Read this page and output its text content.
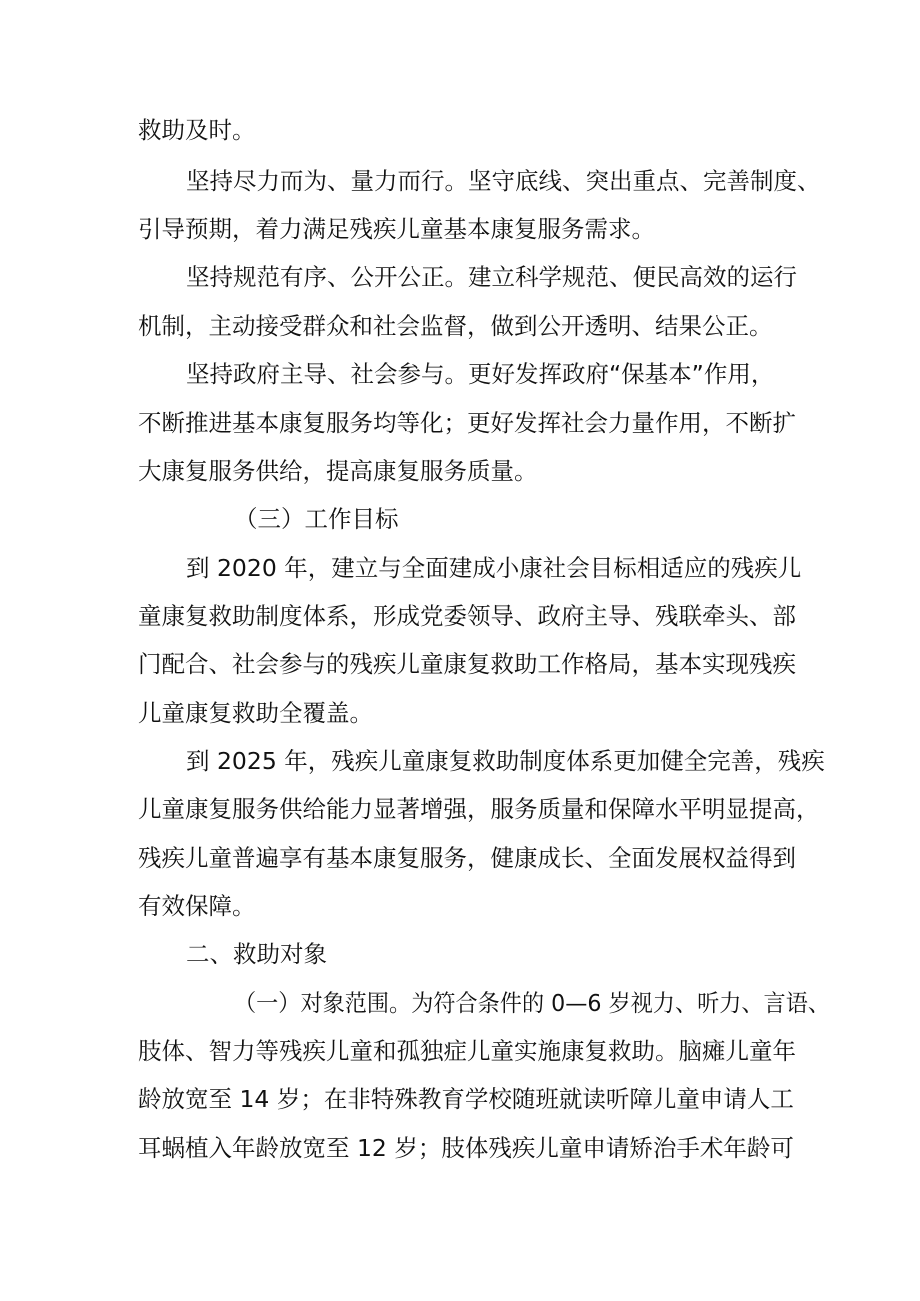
救助及时。
坚持尽力而为、量力而行。坚守底线、突出重点、完善制度、
引导预期，着力满足残疾儿童基本康复服务需求。
坚持规范有序、公开公正。建立科学规范、便民高效的运行
机制，主动接受群众和社会监督，做到公开透明、结果公正。
坚持政府主导、社会参与。更好发挥政府“保基本”作用，
不断推进基本康复服务均等化；更好发挥社会力量作用，不断扩
大康复服务供给，提高康复服务质量。
（三）工作目标
到 2020 年，建立与全面建成小康社会目标相适应的残疾儿
童康复救助制度体系，形成党委领导、政府主导、残联牵头、部
门配合、社会参与的残疾儿童康复救助工作格局，基本实现残疾
儿童康复救助全覆盖。
到 2025 年，残疾儿童康复救助制度体系更加健全完善，残疾
儿童康复服务供给能力显著增强，服务质量和保障水平明显提高，
残疾儿童普遍享有基本康复服务，健康成长、全面发展权益得到
有效保障。
二、救助对象
（一）对象范围。为符合条件的 0—6 岁视力、听力、言语、
肢体、智力等残疾儿童和孤独症儿童实施康复救助。脑瘫儿童年
龄放宽至 14 岁；在非特殊教育学校随班就读听障儿童申请人工
耳蜗植入年龄放宽至 12 岁；肢体残疾儿童申请矫治手术年龄可
